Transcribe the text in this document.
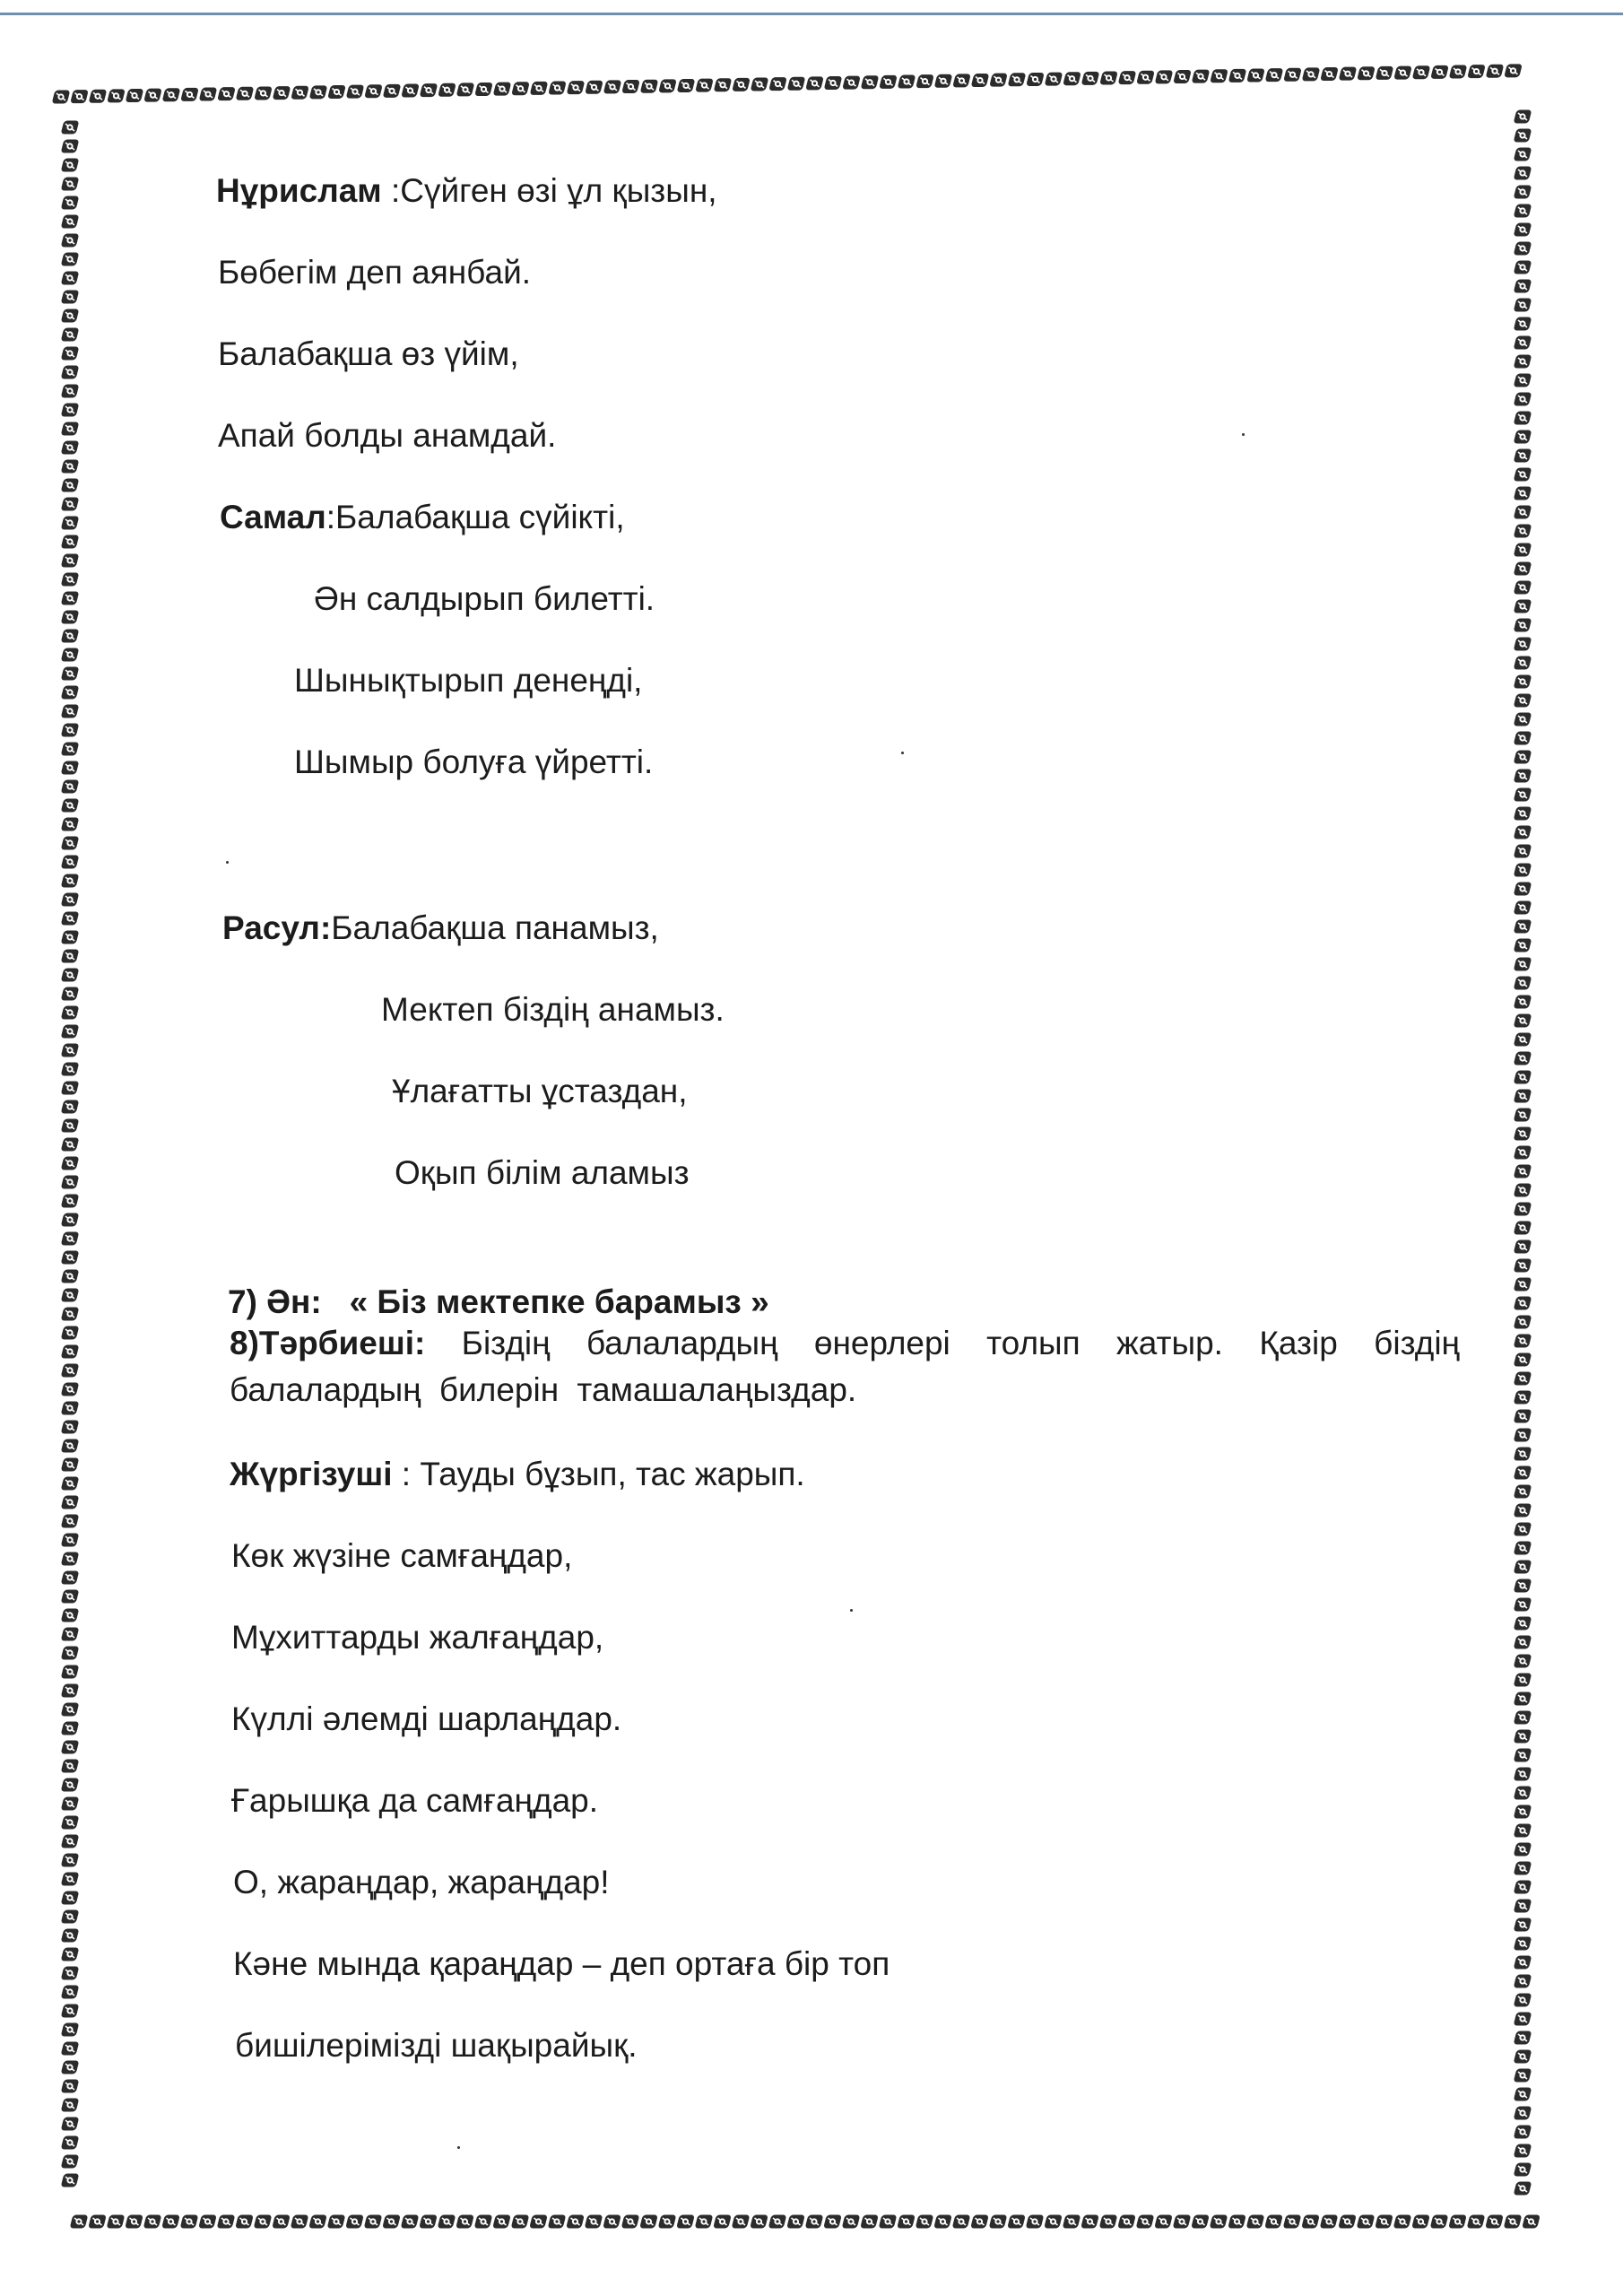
Нұрислам :Сүйген өзі ұл қызын,
Бөбегім деп аянбай.
Балабақша өз үйім,
Апай болды анамдай.
Самал:Балабақша сүйікті,
Ән салдырып билетті.
Шынықтырып денеңді,
Шымыр болуға үйретті.
Расул:Балабақша панамыз,
Мектеп біздің анамыз.
Ұлағатты ұстаздан,
Оқып білім аламыз
7) Ән: « Біз мектепке барамыз »
8)Тәрбиеші: Біздің балалардың өнерлері толып жатыр. Қазір біздің балалардың билерін тамашалаңыздар.
Жүргізуші : Тауды бұзып, тас жарып.
Көк жүзіне самғаңдар,
Мұхиттарды жалғаңдар,
Күллі әлемді шарлаңдар.
Ғарышқа да самғаңдар.
О, жараңдар, жараңдар!
Кәне мында қараңдар – деп ортаға бір топ
бишілерімізді шақырайық.
